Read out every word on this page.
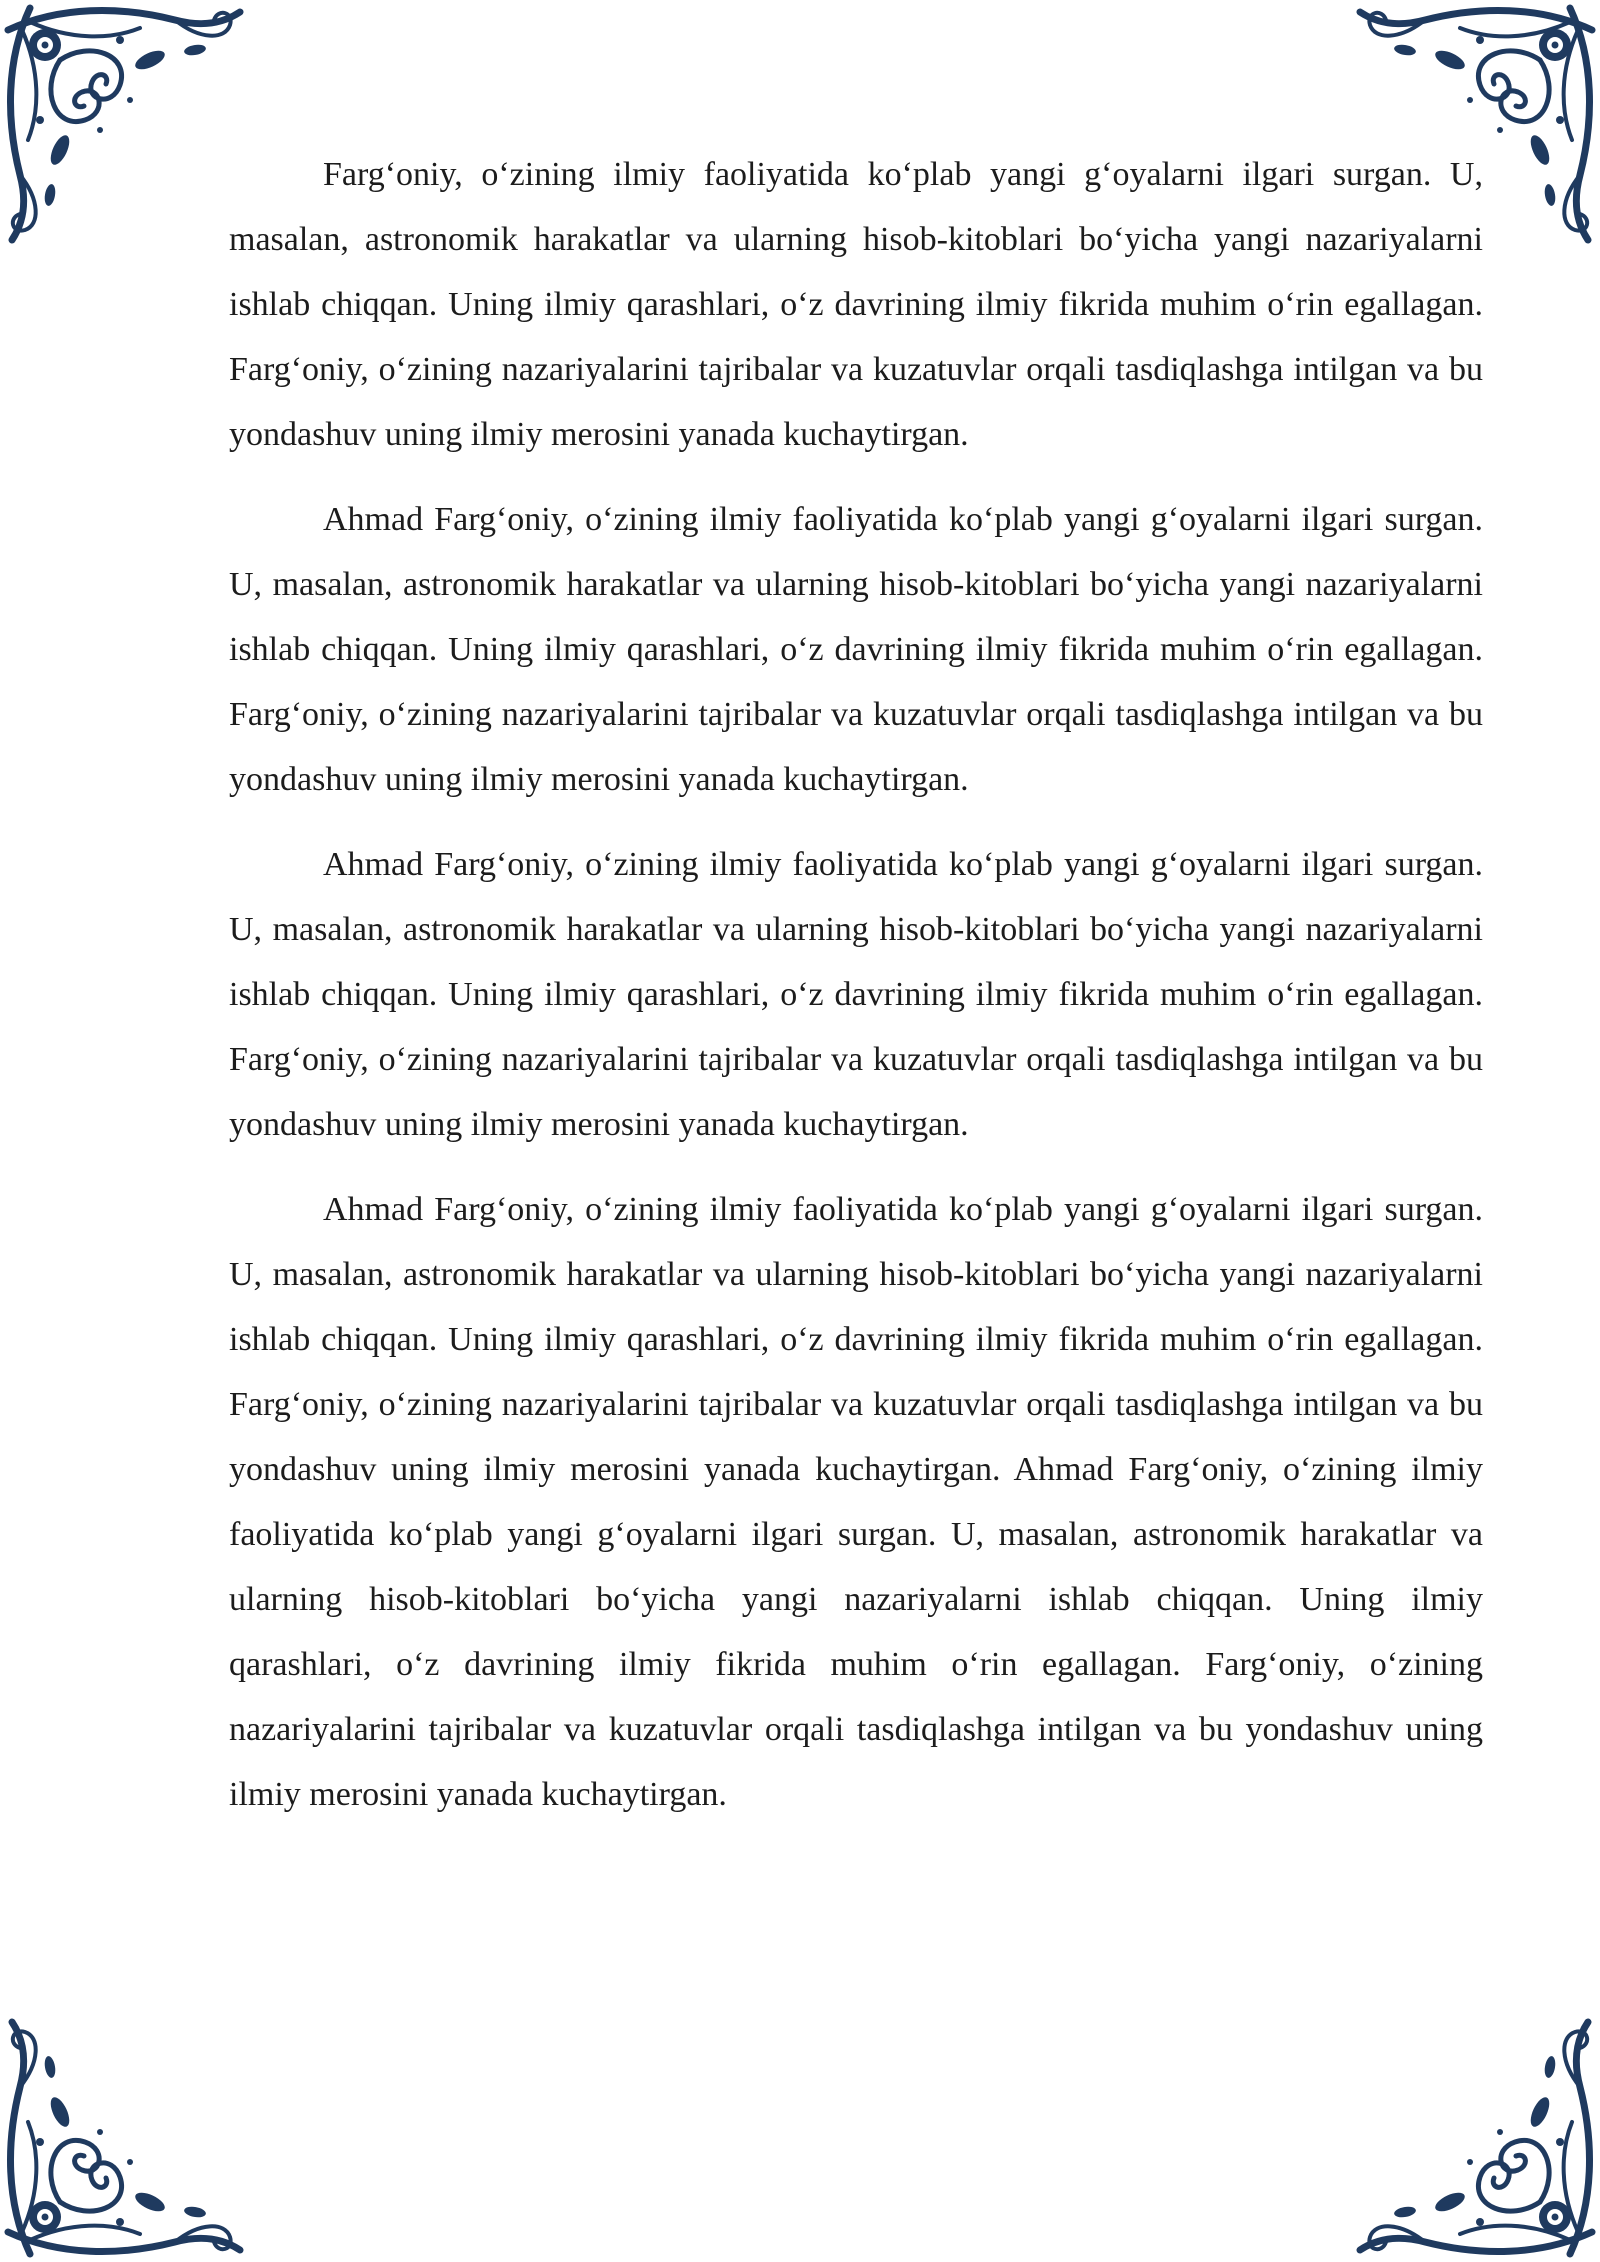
Farg‘oniy, o‘zining ilmiy faoliyatida ko‘plab yangi g‘oyalarni ilgari surgan. U, masalan, astronomik harakatlar va ularning hisob-kitoblari bo‘yicha yangi nazariyalarni ishlab chiqqan. Uning ilmiy qarashlari, o‘z davrining ilmiy fikrida muhim o‘rin egallagan. Farg‘oniy, o‘zining nazariyalarini tajribalar va kuzatuvlar orqali tasdiqlashga intilgan va bu yondashuv uning ilmiy merosini yanada kuchaytirgan.

Ahmad Farg‘oniy, o‘zining ilmiy faoliyatida ko‘plab yangi g‘oyalarni ilgari surgan. U, masalan, astronomik harakatlar va ularning hisob-kitoblari bo‘yicha yangi nazariyalarni ishlab chiqqan. Uning ilmiy qarashlari, o‘z davrining ilmiy fikrida muhim o‘rin egallagan. Farg‘oniy, o‘zining nazariyalarini tajribalar va kuzatuvlar orqali tasdiqlashga intilgan va bu yondashuv uning ilmiy merosini yanada kuchaytirgan.

Ahmad Farg‘oniy, o‘zining ilmiy faoliyatida ko‘plab yangi g‘oyalarni ilgari surgan. U, masalan, astronomik harakatlar va ularning hisob-kitoblari bo‘yicha yangi nazariyalarni ishlab chiqqan. Uning ilmiy qarashlari, o‘z davrining ilmiy fikrida muhim o‘rin egallagan. Farg‘oniy, o‘zining nazariyalarini tajribalar va kuzatuvlar orqali tasdiqlashga intilgan va bu yondashuv uning ilmiy merosini yanada kuchaytirgan.

Ahmad Farg‘oniy, o‘zining ilmiy faoliyatida ko‘plab yangi g‘oyalarni ilgari surgan. U, masalan, astronomik harakatlar va ularning hisob-kitoblari bo‘yicha yangi nazariyalarni ishlab chiqqan. Uning ilmiy qarashlari, o‘z davrining ilmiy fikrida muhim o‘rin egallagan. Farg‘oniy, o‘zining nazariyalarini tajribalar va kuzatuvlar orqali tasdiqlashga intilgan va bu yondashuv uning ilmiy merosini yanada kuchaytirgan. Ahmad Farg‘oniy, o‘zining ilmiy faoliyatida ko‘plab yangi g‘oyalarni ilgari surgan. U, masalan, astronomik harakatlar va ularning hisob-kitoblari bo‘yicha yangi nazariyalarni ishlab chiqqan. Uning ilmiy qarashlari, o‘z davrining ilmiy fikrida muhim o‘rin egallagan. Farg‘oniy, o‘zining nazariyalarini tajribalar va kuzatuvlar orqali tasdiqlashga intilgan va bu yondashuv uning ilmiy merosini yanada kuchaytirgan.
